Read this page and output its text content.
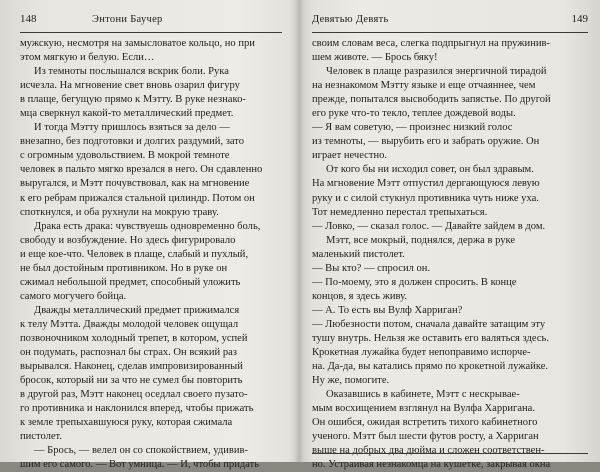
148	Энтони Баучер
мужскую, несмотря на замысловатое кольцо, но при
этом мягкую и белую. Если…
Из темноты послышался вскрик боли. Рука
исчезла. На мгновение свет вновь озарил фигуру
в плаще, бегущую прямо к Мэтту. В руке незнако-
мца сверкнул какой-то металлический предмет.
И тогда Мэтту пришлось взяться за дело —
внезапно, без подготовки и долгих раздумий, зато
с огромным удовольствием. В мокрой темноте
человек в пальто мягко врезался в него. Он сдавленно
выругался, и Мэтт почувствовал, как на мгновение
к его ребрам прижался стальной цилиндр. Потом он
споткнулся, и оба рухнули на мокрую траву.
Драка есть драка: чувствуешь одновременно боль,
свободу и возбуждение. Но здесь фигурировало
и еще кое-что. Человек в плаще, слабый и пухлый,
не был достойным противником. Но в руке он
сжимал небольшой предмет, способный уложить
самого могучего бойца.
Дважды металлический предмет прижимался
к телу Мэтта. Дважды молодой человек ощущал
позвоночником холодный трепет, в котором, успей
он подумать, распознал бы страх. Он всякий раз
вырывался. Наконец, сделав импровизированный
бросок, который ни за что не сумел бы повторить
в другой раз, Мэтт наконец оседлал своего пузато-
го противника и наклонился вперед, чтобы прижать
к земле трепыхавшуюся руку, которая сжимала
пистолет.
— Брось, — велел он со спокойствием, удивив-
шим его самого. — Вот умница. — И, чтобы придать
Девятью Девять	149
своим словам веса, слегка подпрыгнул на пружинив-
шем животе. — Брось бяку!
Человек в плаще разразился энергичной тирадой
на незнакомом Мэтту языке и еще отчаяннее, чем
прежде, попытался высвободить запястье. По другой
его руке что-то текло, теплее дождевой воды.
— Я вам советую, — произнес низкий голос
из темноты, — вырубить его и забрать оружие. Он
играет нечестно.
От кого бы ни исходил совет, он был здравым.
На мгновение Мэтт отпустил дергающуюся левую
руку и с силой стукнул противника чуть ниже уха.
Тот немедленно перестал трепыхаться.
— Ловко, — сказал голос. — Давайте зайдем в дом.
Мэтт, все мокрый, поднялся, держа в руке
маленький пистолет.
— Вы кто? — спросил он.
— По-моему, это я должен спросить. В конце
концов, я здесь живу.
— А. То есть вы Вулф Харриган?
— Любезности потом, сначала давайте затащим эту
тушу внутрь. Нельзя же оставить его валяться здесь.
Крокетная лужайка будет непоправимо испорче-
на. Да-да, вы катались прямо по крокетной лужайке.
Ну же, помогите.
Оказавшись в кабинете, Мэтт с нескрывае-
мым восхищением взглянул на Вулфа Харригана.
Он ошибся, ожидая встретить тихого кабинетного
ученого. Мэтт был шести футов росту, а Харриган
выше на добрых два дюйма и сложен соответствен-
но. Устраивая незнакомца на кушетке, закрывая окна
